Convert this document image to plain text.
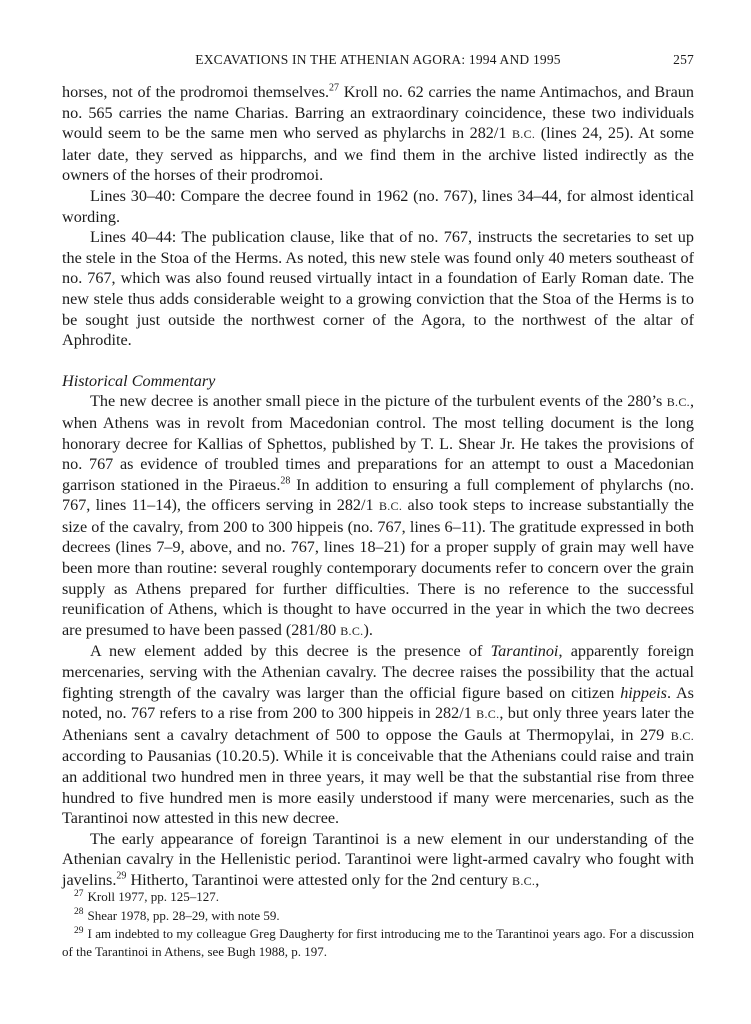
EXCAVATIONS IN THE ATHENIAN AGORA: 1994 AND 1995	257

horses, not of the prodromoi themselves.$^{27}$ Kroll no. 62 carries the name Antimachos, and Braun no. 565 carries the name Charias. Barring an extraordinary coincidence, these two individuals would seem to be the same men who served as phylarchs in 282/1 B.C. (lines 24, 25). At some later date, they served as hipparchs, and we find them in the archive listed indirectly as the owners of the horses of their prodromoi.

Lines 30–40: Compare the decree found in 1962 (no. 767), lines 34–44, for almost identical wording.

Lines 40–44: The publication clause, like that of no. 767, instructs the secretaries to set up the stele in the Stoa of the Herms. As noted, this new stele was found only 40 meters southeast of no. 767, which was also found reused virtually intact in a foundation of Early Roman date. The new stele thus adds considerable weight to a growing conviction that the Stoa of the Herms is to be sought just outside the northwest corner of the Agora, to the northwest of the altar of Aphrodite.

Historical Commentary

The new decree is another small piece in the picture of the turbulent events of the 280’s B.C., when Athens was in revolt from Macedonian control. The most telling document is the long honorary decree for Kallias of Sphettos, published by T. L. Shear Jr. He takes the provisions of no. 767 as evidence of troubled times and preparations for an attempt to oust a Macedonian garrison stationed in the Piraeus.$^{28}$ In addition to ensuring a full complement of phylarchs (no. 767, lines 11–14), the officers serving in 282/1 B.C. also took steps to increase substantially the size of the cavalry, from 200 to 300 hippeis (no. 767, lines 6–11). The gratitude expressed in both decrees (lines 7–9, above, and no. 767, lines 18–21) for a proper supply of grain may well have been more than routine: several roughly contemporary documents refer to concern over the grain supply as Athens prepared for further difficulties. There is no reference to the successful reunification of Athens, which is thought to have occurred in the year in which the two decrees are presumed to have been passed (281/80 B.C.).

A new element added by this decree is the presence of Tarantinoi, apparently foreign mercenaries, serving with the Athenian cavalry. The decree raises the possibility that the actual fighting strength of the cavalry was larger than the official figure based on citizen hippeis. As noted, no. 767 refers to a rise from 200 to 300 hippeis in 282/1 B.C., but only three years later the Athenians sent a cavalry detachment of 500 to oppose the Gauls at Thermopylai, in 279 B.C. according to Pausanias (10.20.5). While it is conceivable that the Athenians could raise and train an additional two hundred men in three years, it may well be that the substantial rise from three hundred to five hundred men is more easily understood if many were mercenaries, such as the Tarantinoi now attested in this new decree.

The early appearance of foreign Tarantinoi is a new element in our understanding of the Athenian cavalry in the Hellenistic period. Tarantinoi were light-armed cavalry who fought with javelins.$^{29}$ Hitherto, Tarantinoi were attested only for the 2nd century B.C.,

$^{27}$ Kroll 1977, pp. 125–127.

$^{28}$ Shear 1978, pp. 28–29, with note 59.

$^{29}$ I am indebted to my colleague Greg Daugherty for first introducing me to the Tarantinoi years ago. For a discussion of the Tarantinoi in Athens, see Bugh 1988, p. 197.
